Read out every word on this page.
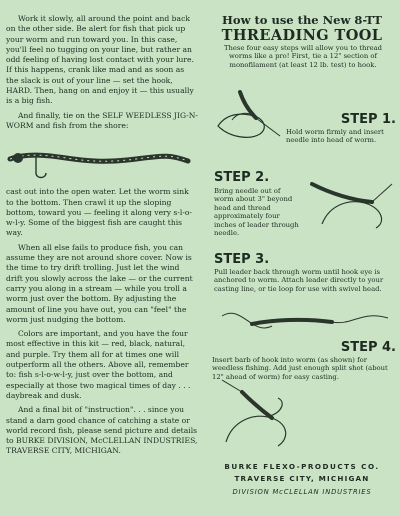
Work it slowly, all around the point and back on the other side. Be alert for fish that pick up your worm and run toward you. In this case, you'll feel no tugging on your line, but rather an odd feeling of having lost contact with your lure. If this happens, crank like mad and as soon as the slack is out of your line — set the hook, HARD. Then, hang on and enjoy it — this usually is a big fish.

And finally, tie on the SELF WEEDLESS JIG-N-WORM and fish from the shore:

cast out into the open water. Let the worm sink to the bottom. Then crawl it up the sloping bottom, toward you — feeling it along very s-l-o-w-l-y. Some of the biggest fish are caught this way.

When all else fails to produce fish, you can assume they are not around shore cover. Now is the time to try drift trolling. Just let the wind drift you slowly across the lake — or the current carry you along in a stream — while you troll a worm just over the bottom. By adjusting the amount of line you have out, you can "feel" the worm just nudging the bottom.

Colors are important, and you have the four most effective in this kit — red, black, natural, and purple. Try them all for at times one will outperform all the others. Above all, remember to: fish s-l-o-w-l-y, just over the bottom, and especially at those two magical times of day . . . daybreak and dusk.

And a final bit of "instruction". . . since you stand a darn good chance of catching a state or world record fish, please send picture and details to BURKE DIVISION, McCLELLAN INDUSTRIES, TRAVERSE CITY, MICHIGAN.

How to use the New 8-TT
THREADING TOOL

These four easy steps will allow you to thread worms like a pro! First, tie a 12" section of monofilament (at least 12 lb. test) to hook.

STEP 1.

Hold worm firmly and insert needle into head of worm.

STEP 2.

Bring needle out of worm about 3" beyond head and thread approximately four inches of leader through needle.

STEP 3.

Pull leader back through worm until hook eye is anchored to worm. Attach leader directly to your casting line, or tie loop for use with swivel head.

STEP 4.

Insert barb of hook into worm (as shown) for weedless fishing. Add just enough split shot (about 12" ahead of worm) for easy casting.

BURKE FLEXO-PRODUCTS CO.
TRAVERSE CITY, MICHIGAN
DIVISION McCLELLAN INDUSTRIES
